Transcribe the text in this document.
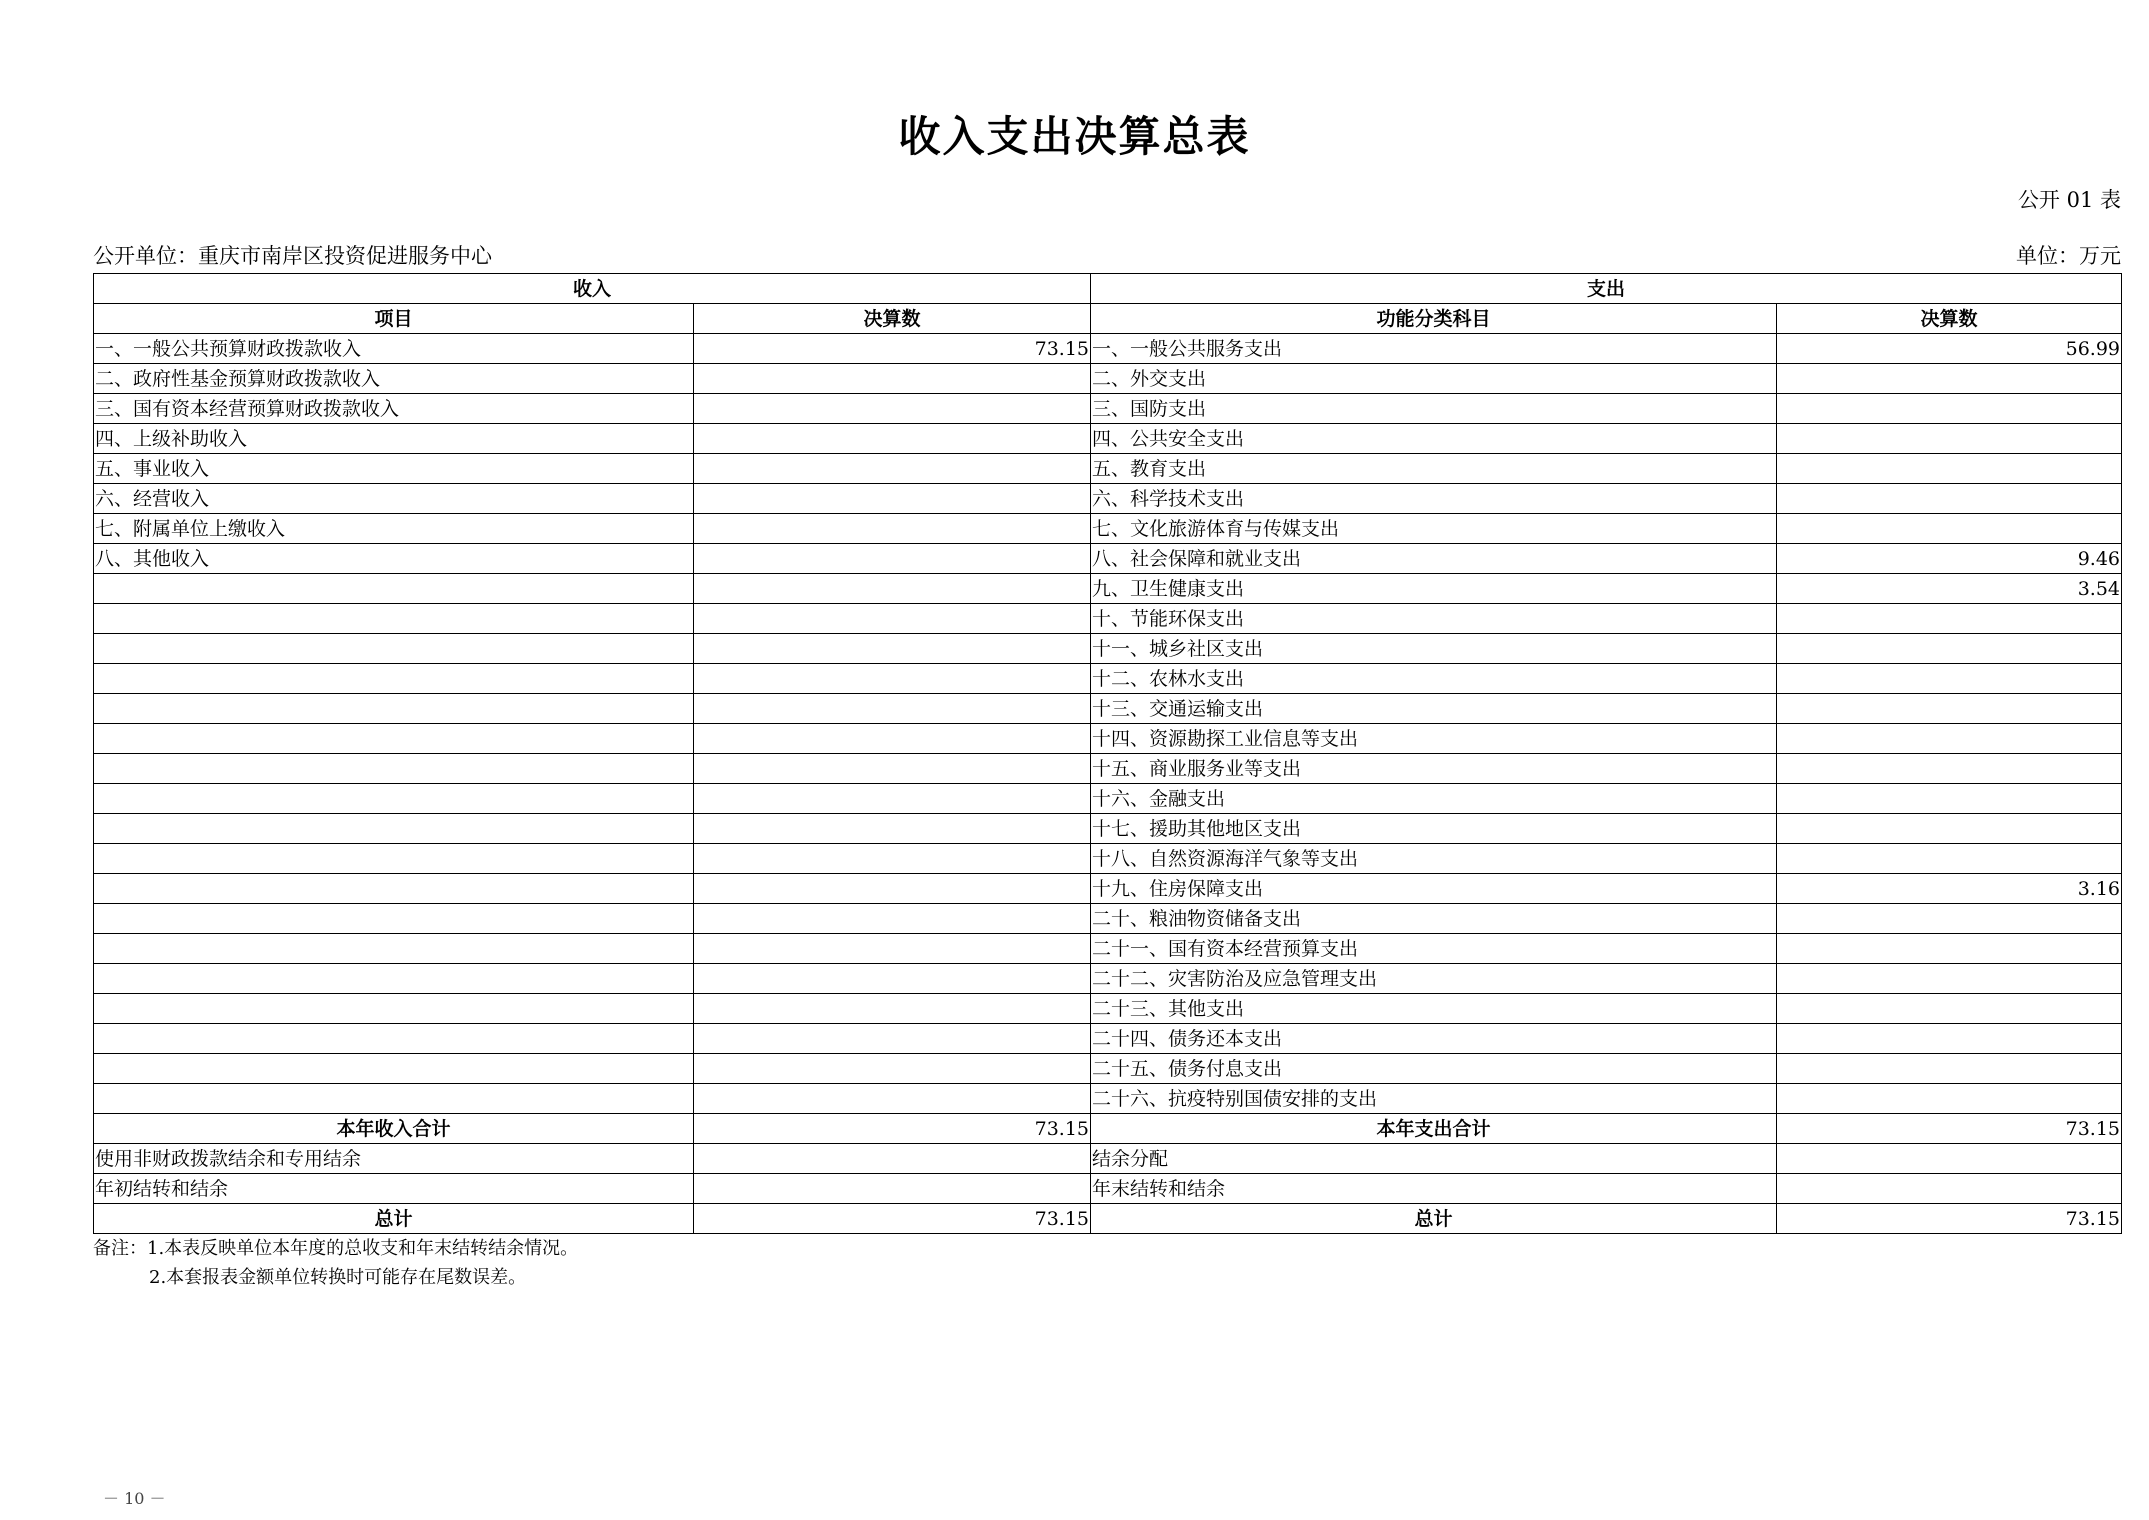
收入支出决算总表
公开 01 表
公开单位：重庆市南岸区投资促进服务中心	单位：万元
收入		支出	
项目	决算数	功能分类科目	决算数
一、一般公共预算财政拨款收入	73.15	一、一般公共服务支出	56.99
二、政府性基金预算财政拨款收入		二、外交支出	
三、国有资本经营预算财政拨款收入		三、国防支出	
四、上级补助收入		四、公共安全支出	
五、事业收入		五、教育支出	
六、经营收入		六、科学技术支出	
七、附属单位上缴收入		七、文化旅游体育与传媒支出	
八、其他收入		八、社会保障和就业支出	9.46
		九、卫生健康支出	3.54
		十、节能环保支出	
		十一、城乡社区支出	
		十二、农林水支出	
		十三、交通运输支出	
		十四、资源勘探工业信息等支出	
		十五、商业服务业等支出	
		十六、金融支出	
		十七、援助其他地区支出	
		十八、自然资源海洋气象等支出	
		十九、住房保障支出	3.16
		二十、粮油物资储备支出	
		二十一、国有资本经营预算支出	
		二十二、灾害防治及应急管理支出	
		二十三、其他支出	
		二十四、债务还本支出	
		二十五、债务付息支出	
		二十六、抗疫特别国债安排的支出	
本年收入合计	73.15	本年支出合计	73.15
使用非财政拨款结余和专用结余		结余分配	
年初结转和结余		年末结转和结余	
总计	73.15	总计	73.15
备注：1.本表反映单位本年度的总收支和年末结转结余情况。
2.本套报表金额单位转换时可能存在尾数误差。
－ 10 －
